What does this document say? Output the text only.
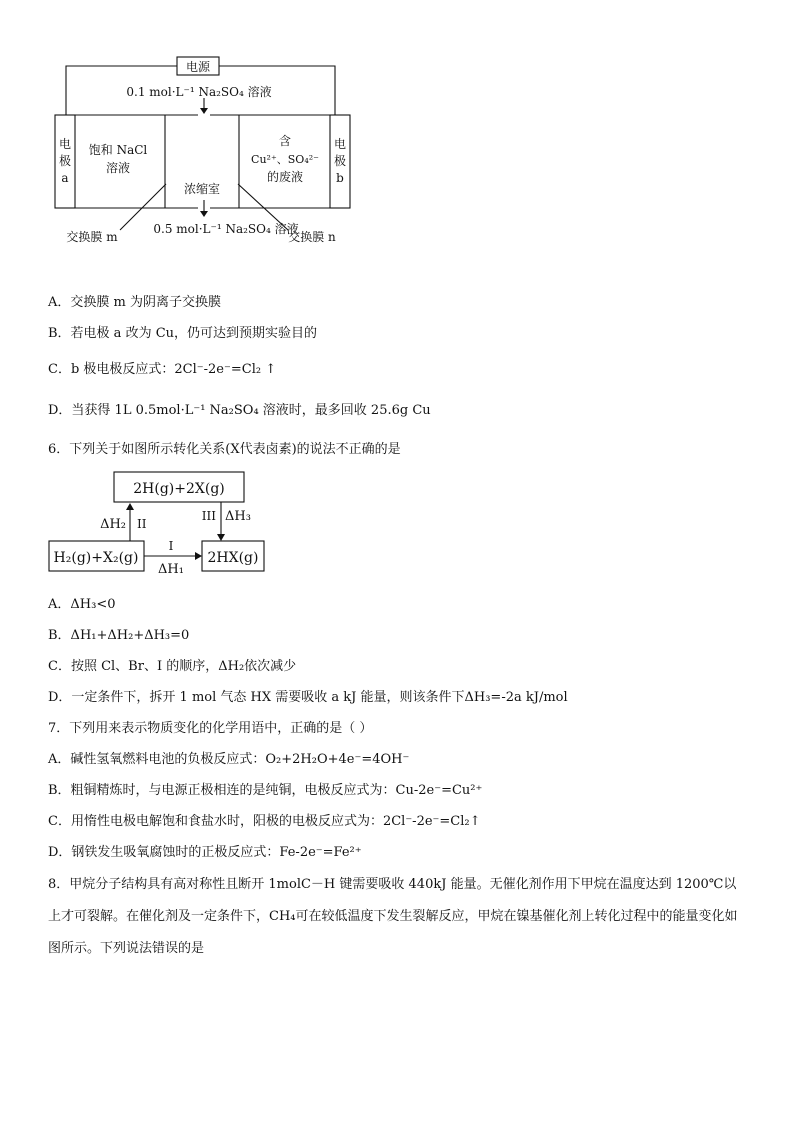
电源
0.1 mol·L⁻¹ Na₂SO₄ 溶液
电
极
a
饱和 NaCl
溶液
含
Cu²⁺、SO₄²⁻
的废液
电
极
b
浓缩室
0.5 mol·L⁻¹ Na₂SO₄ 溶液
交换膜 m	交换膜 n
A．交换膜 m 为阴离子交换膜
B．若电极 a 改为 Cu，仍可达到预期实验目的
C．b 极电极反应式：2Cl⁻-2e⁻=Cl₂ ↑
D．当获得 1L 0.5mol·L⁻¹ Na₂SO₄ 溶液时，最多回收 25.6g Cu
6．下列关于如图所示转化关系(X代表卤素)的说法不正确的是
2H(g)+2X(g)
H₂(g)+X₂(g)	2HX(g)
II
ΔH₂
III ΔH₃
I
ΔH₁
A．ΔH₃<0
B．ΔH₁+ΔH₂+ΔH₃=0
C．按照 Cl、Br、I 的顺序，ΔH₂依次减少
D．一定条件下，拆开 1 mol 气态 HX 需要吸收 a kJ 能量，则该条件下ΔH₃=-2a kJ/mol
7．下列用来表示物质变化的化学用语中，正确的是（ ）
A．碱性氢氧燃料电池的负极反应式：O₂+2H₂O+4e⁻=4OH⁻
B．粗铜精炼时，与电源正极相连的是纯铜，电极反应式为：Cu-2e⁻=Cu²⁺
C．用惰性电极电解饱和食盐水时，阳极的电极反应式为：2Cl⁻-2e⁻=Cl₂↑
D．钢铁发生吸氧腐蚀时的正极反应式：Fe-2e⁻=Fe²⁺
8．甲烷分子结构具有高对称性且断开 1molC－H 键需要吸收 440kJ 能量。无催化剂作用下甲烷在温度达到 1200℃以上才可裂解。在催化剂及一定条件下，CH₄可在较低温度下发生裂解反应，甲烷在镍基催化剂上转化过程中的能量变化如图所示。下列说法错误的是
